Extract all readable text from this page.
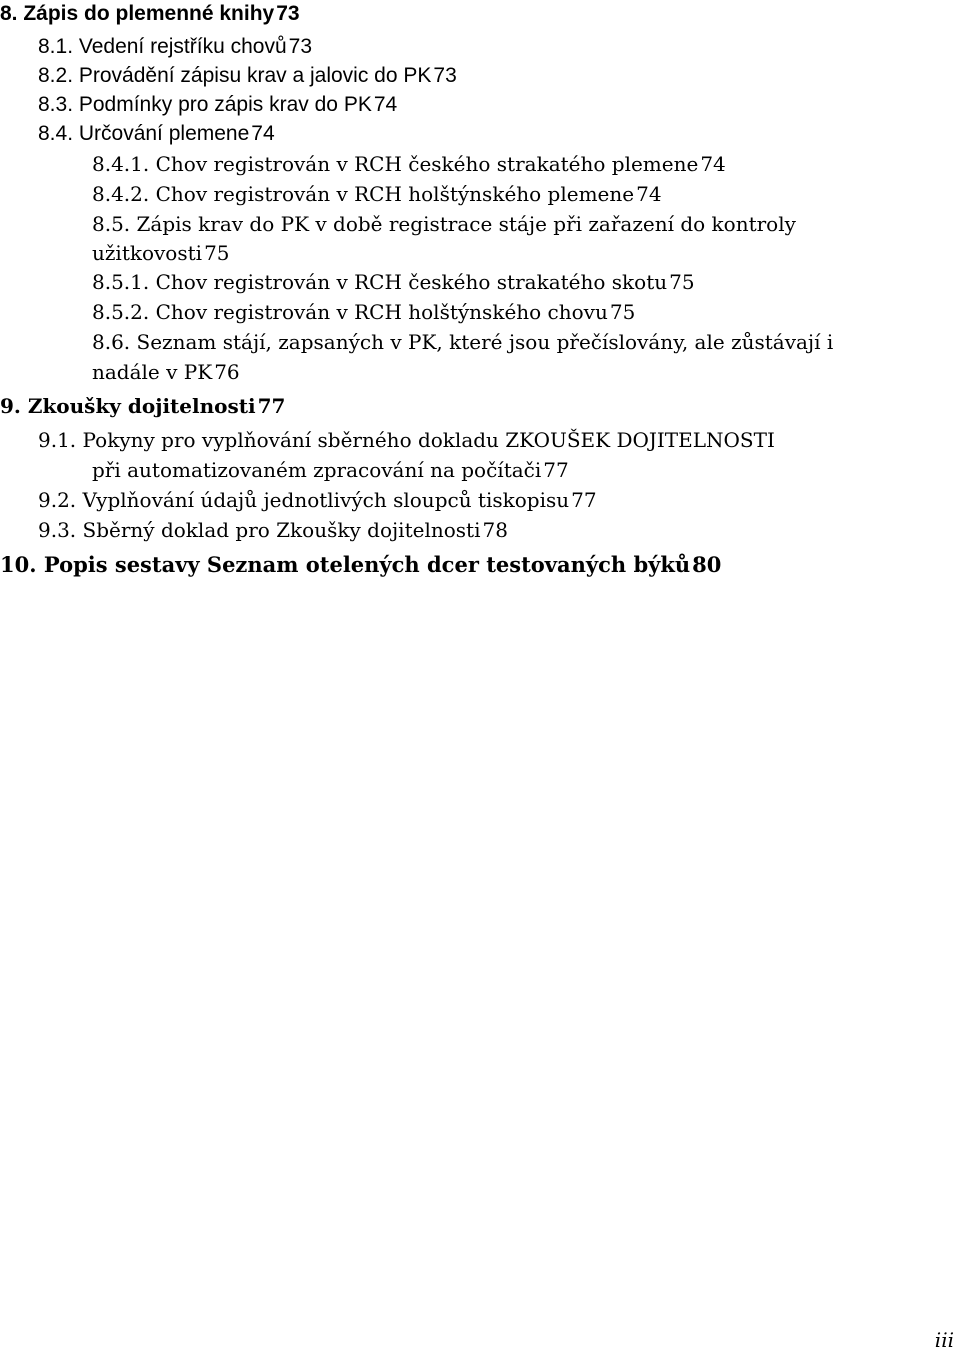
8. Zápis do plemenné knihy 73
8.1. Vedení rejstříku chovů 73
8.2. Provádění zápisu krav a jalovic do PK 73
8.3. Podmínky pro zápis krav do PK 74
8.4. Určování plemene 74
8.4.1. Chov registrován v RCH českého strakatého plemene 74
8.4.2. Chov registrován v RCH holštýnského plemene 74
8.5. Zápis krav do PK v době registrace stáje při zařazení do kontroly
užitkovosti 75
8.5.1. Chov registrován v RCH českého strakatého skotu 75
8.5.2. Chov registrován v RCH holštýnského chovu 75
8.6. Seznam stájí, zapsaných v PK, které jsou přečíslovány, ale zůstávají i
nadále v PK 76
9. Zkoušky dojitelnosti 77
9.1. Pokyny pro vyplňování sběrného dokladu ZKOUŠEK DOJITELNOSTI
při automatizovaném zpracování na počítači 77
9.2. Vyplňování údajů jednotlivých sloupců tiskopisu 77
9.3. Sběrný doklad pro Zkoušky dojitelnosti 78
10. Popis sestavy Seznam otelených dcer testovaných býků 80
iii
